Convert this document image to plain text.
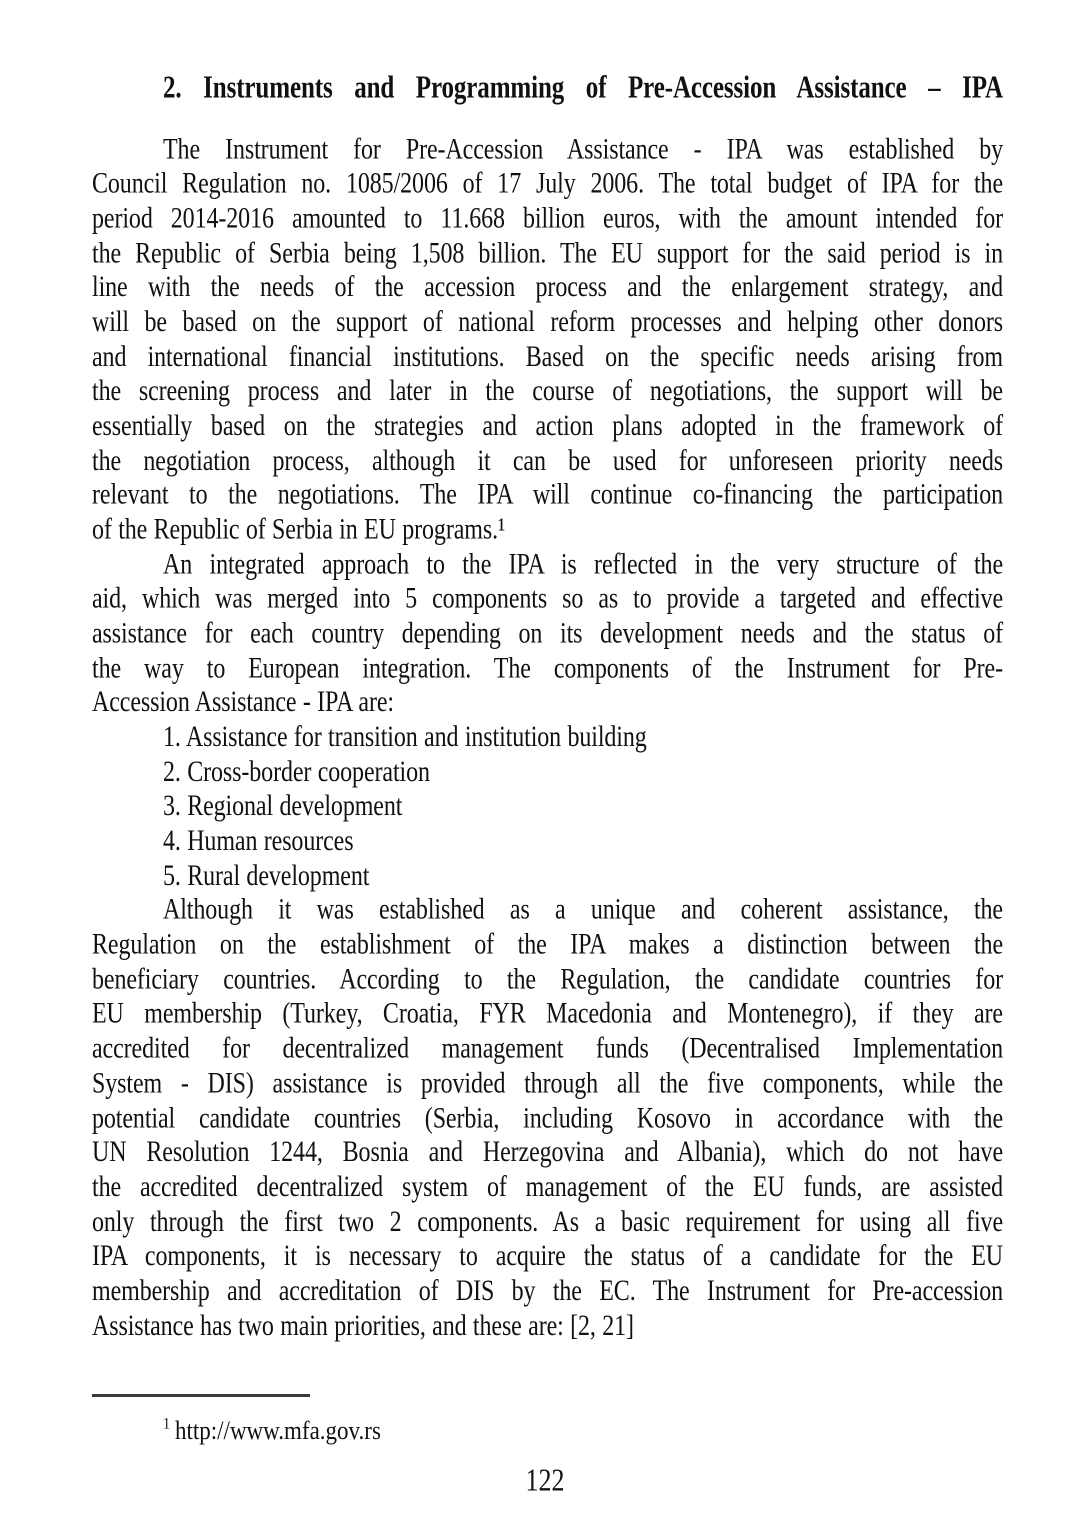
2. Instruments and Programming of Pre-Accession Assistance – IPA
The Instrument for Pre-Accession Assistance - IPA was established by
Council Regulation no. 1085/2006 of 17 July 2006. The total budget of IPA for the
period 2014-2016 amounted to 11.668 billion euros, with the amount intended for
the Republic of Serbia being 1,508 billion. The EU support for the said period is in
line with the needs of the accession process and the enlargement strategy, and
will be based on the support of national reform processes and helping other donors
and international financial institutions. Based on the specific needs arising from
the screening process and later in the course of negotiations, the support will be
essentially based on the strategies and action plans adopted in the framework of
the negotiation process, although it can be used for unforeseen priority needs
relevant to the negotiations. The IPA will continue co-financing the participation
of the Republic of Serbia in EU programs.¹
An integrated approach to the IPA is reflected in the very structure of the
aid, which was merged into 5 components so as to provide a targeted and effective
assistance for each country depending on its development needs and the status of
the way to European integration. The components of the Instrument for Pre-
Accession Assistance - IPA are:
1. Assistance for transition and institution building
2. Cross-border cooperation
3. Regional development
4. Human resources
5. Rural development
Although it was established as a unique and coherent assistance, the
Regulation on the establishment of the IPA makes a distinction between the
beneficiary countries. According to the Regulation, the candidate countries for
EU membership (Turkey, Croatia, FYR Macedonia and Montenegro), if they are
accredited for decentralized management funds (Decentralised Implementation
System - DIS) assistance is provided through all the five components, while the
potential candidate countries (Serbia, including Kosovo in accordance with the
UN Resolution 1244, Bosnia and Herzegovina and Albania), which do not have
the accredited decentralized system of management of the EU funds, are assisted
only through the first two 2 components. As a basic requirement for using all five
IPA components, it is necessary to acquire the status of a candidate for the EU
membership and accreditation of DIS by the EC. The Instrument for Pre-accession
Assistance has two main priorities, and these are: [2, 21]
$^1$ http://www.mfa.gov.rs
122
